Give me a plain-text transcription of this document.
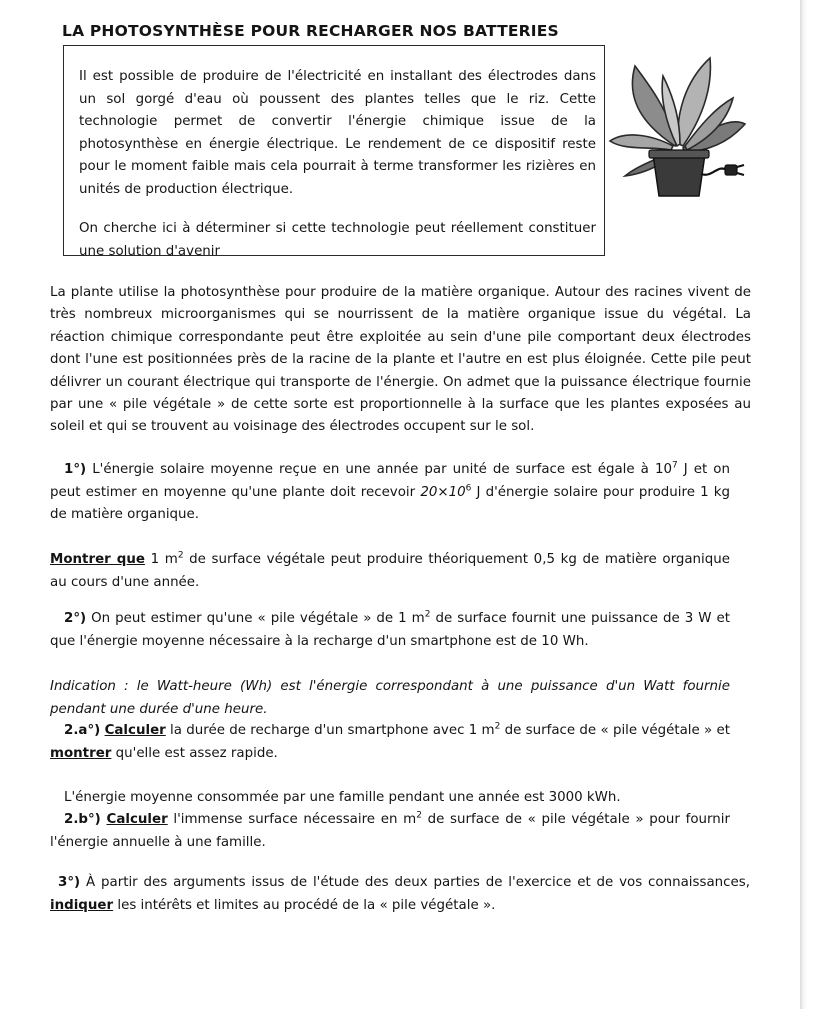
LA PHOTOSYNTHÈSE POUR RECHARGER NOS BATTERIES
Il est possible de produire de l'électricité en installant des électrodes dans un sol gorgé d'eau où poussent des plantes telles que le riz. Cette technologie permet de convertir l'énergie chimique issue de la photosynthèse en énergie électrique. Le rendement de ce dispositif reste pour le moment faible mais cela pourrait à terme transformer les rizières en unités de production électrique.
On cherche ici à déterminer si cette technologie peut réellement constituer une solution d'avenir
La plante utilise la photosynthèse pour produire de la matière organique. Autour des racines vivent de très nombreux microorganismes qui se nourrissent de la matière organique issue du végétal. La réaction chimique correspondante peut être exploitée au sein d'une pile comportant deux électrodes dont l'une est positionnées près de la racine de la plante et l'autre en est plus éloignée. Cette pile peut délivrer un courant électrique qui transporte de l'énergie. On admet que la puissance électrique fournie par une « pile végétale » de cette sorte est proportionnelle à la surface que les plantes exposées au soleil et qui se trouvent au voisinage des électrodes occupent sur le sol.
1°) L'énergie solaire moyenne reçue en une année par unité de surface est égale à $10^7$ J et on peut estimer en moyenne qu'une plante doit recevoir $20\times 10^6$ J d'énergie solaire pour produire 1 kg de matière organique.
Montrer que 1 $m^2$ de surface végétale peut produire théoriquement 0,5 kg de matière organique au cours d'une année.
2°) On peut estimer qu'une « pile végétale » de 1 $m^2$ de surface fournit une puissance de 3 W et que l'énergie moyenne nécessaire à la recharge d'un smartphone est de 10 Wh.
Indication : le Watt-heure (Wh) est l'énergie correspondant à une puissance d'un Watt fournie pendant une durée d'une heure.
2.a°) Calculer la durée de recharge d'un smartphone avec 1 $m^2$ de surface de « pile végétale » et montrer qu'elle est assez rapide.
L'énergie moyenne consommée par une famille pendant une année est 3000 kWh.
2.b°) Calculer l'immense surface nécessaire en $m^2$ de surface de « pile végétale » pour fournir l'énergie annuelle à une famille.
3°) À partir des arguments issus de l'étude des deux parties de l'exercice et de vos connaissances, indiquer les intérêts et limites au procédé de la « pile végétale ».
